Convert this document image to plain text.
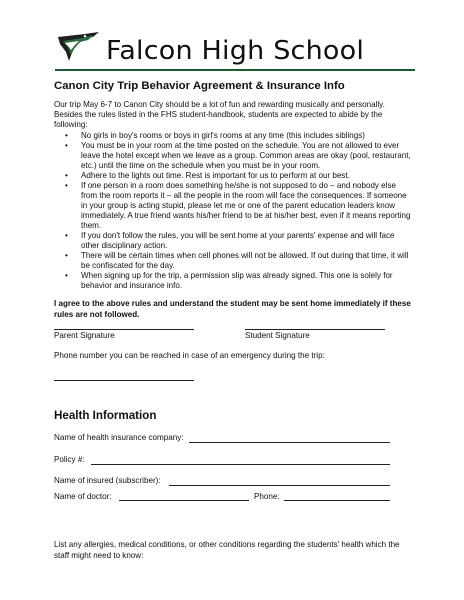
Falcon High School
Canon City Trip Behavior Agreement & Insurance Info
Our trip May 6-7 to Canon City should be a lot of fun and rewarding musically and personally. Besides the rules listed in the FHS student-handbook, students are expected to abide by the following:
• No girls in boy's rooms or boys in girl's rooms at any time (this includes siblings)
• You must be in your room at the time posted on the schedule. You are not allowed to ever leave the hotel except when we leave as a group. Common areas are okay (pool, restaurant, etc.) until the time on the schedule when you must be in your room.
• Adhere to the lights out time. Rest is important for us to perform at our best.
• If one person in a room does something he/she is not supposed to do – and nobody else from the room reports it – all the people in the room will face the consequences. If someone in your group is acting stupid, please let me or one of the parent education leaders know immediately. A true friend wants his/her friend to be at his/her best, even if it means reporting them.
• If you don't follow the rules, you will be sent home at your parents' expense and will face other disciplinary action.
• There will be certain times when cell phones will not be allowed. If out during that time, it will be confiscated for the day.
• When signing up for the trip, a permission slip was already signed. This one is solely for behavior and insurance info.
I agree to the above rules and understand the student may be sent home immediately if these rules are not followed.
Parent Signature	Student Signature
Phone number you can be reached in case of an emergency during the trip:
Health Information
Name of health insurance company:
Policy #:
Name of insured (subscriber):
Name of doctor:	Phone:
List any allergies, medical conditions, or other conditions regarding the students' health which the staff might need to know:
